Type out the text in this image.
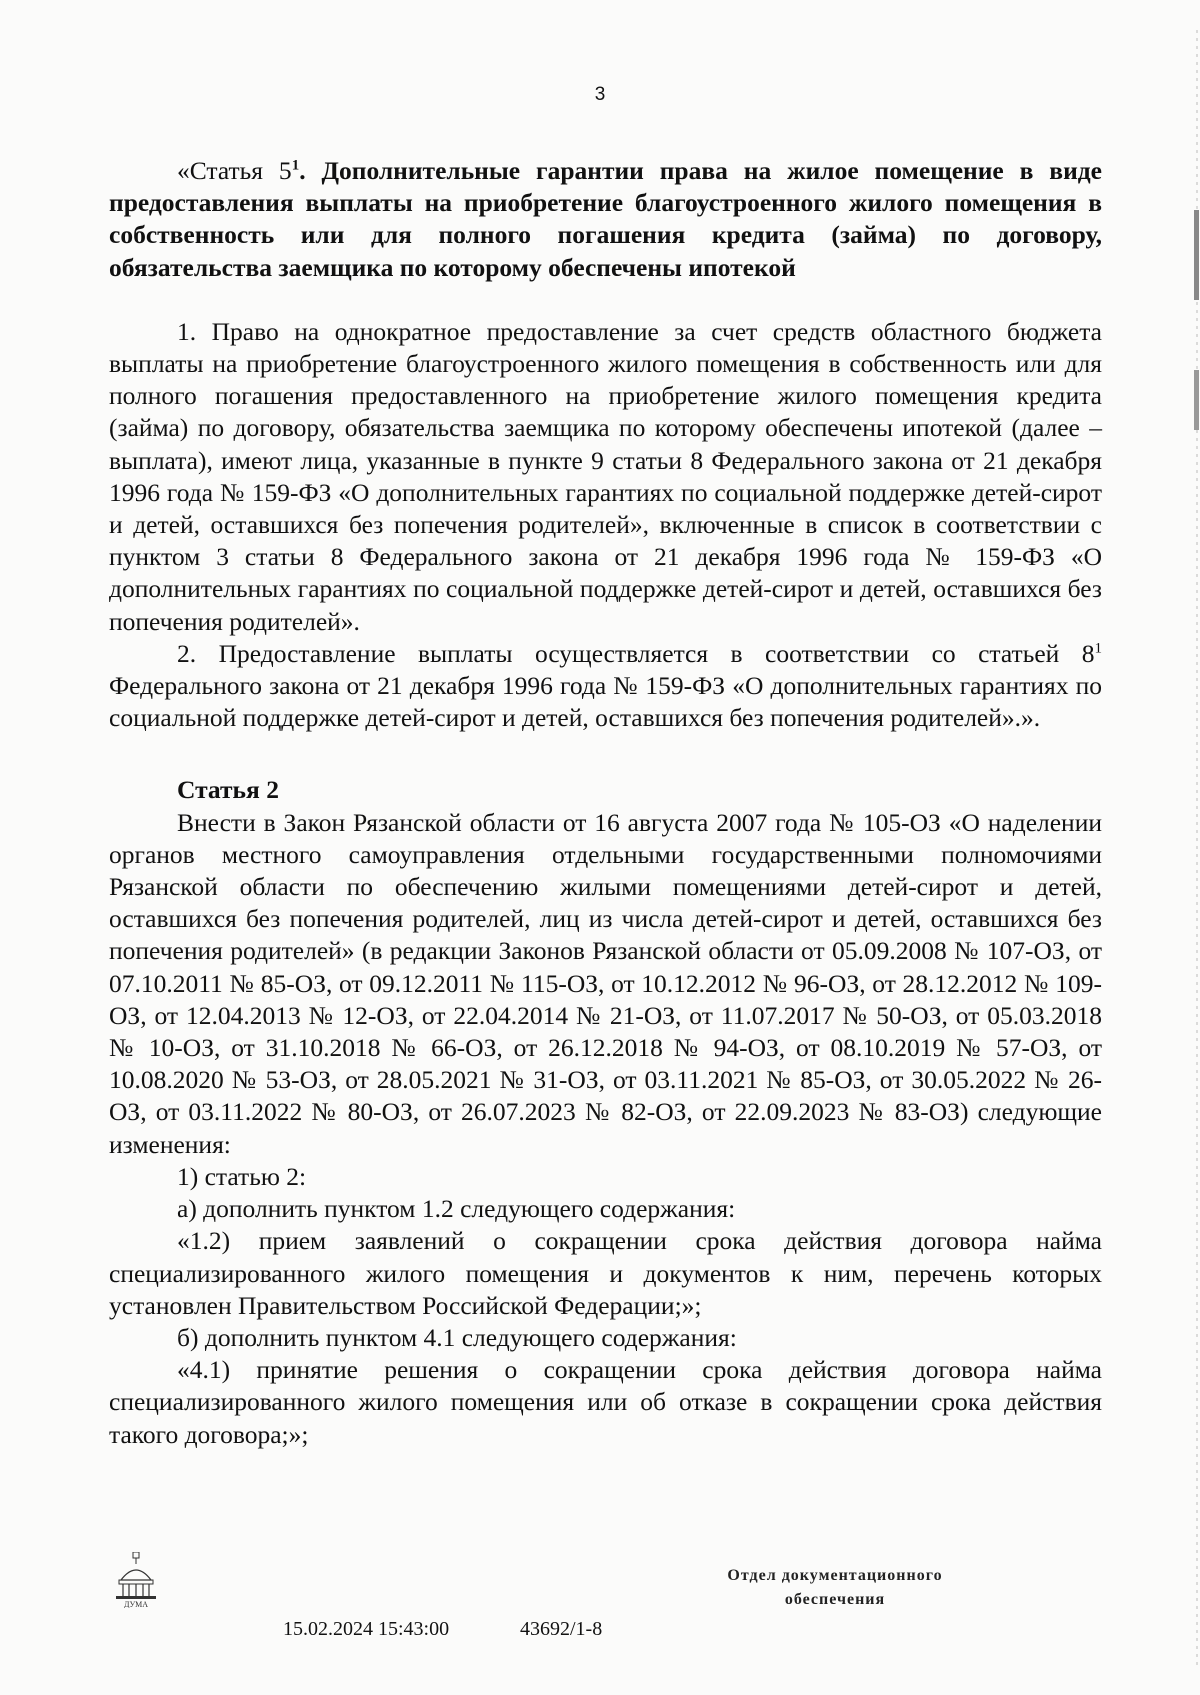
3

«Статья $5^1$. Дополнительные гарантии права на жилое помещение в виде предоставления выплаты на приобретение благоустроенного жилого помещения в собственность или для полного погашения кредита (займа) по договору, обязательства заемщика по которому обеспечены ипотекой

1. Право на однократное предоставление за счет средств областного бюджета выплаты на приобретение благоустроенного жилого помещения в собственность или для полного погашения предоставленного на приобретение жилого помещения кредита (займа) по договору, обязательства заемщика по которому обеспечены ипотекой (далее – выплата), имеют лица, указанные в пункте 9 статьи 8 Федерального закона от 21 декабря 1996 года № 159-ФЗ «О дополнительных гарантиях по социальной поддержке детей-сирот и детей, оставшихся без попечения родителей», включенные в список в соответствии с пунктом 3 статьи 8 Федерального закона от 21 декабря 1996 года № 159-ФЗ «О дополнительных гарантиях по социальной поддержке детей-сирот и детей, оставшихся без попечения родителей».

2. Предоставление выплаты осуществляется в соответствии со статьей $8^1$ Федерального закона от 21 декабря 1996 года № 159-ФЗ «О дополнительных гарантиях по социальной поддержке детей-сирот и детей, оставшихся без попечения родителей».».

Статья 2

Внести в Закон Рязанской области от 16 августа 2007 года № 105-ОЗ «О наделении органов местного самоуправления отдельными государственными полномочиями Рязанской области по обеспечению жилыми помещениями детей-сирот и детей, оставшихся без попечения родителей, лиц из числа детей-сирот и детей, оставшихся без попечения родителей» (в редакции Законов Рязанской области от 05.09.2008 № 107-ОЗ, от 07.10.2011 № 85-ОЗ, от 09.12.2011 № 115-ОЗ, от 10.12.2012 № 96-ОЗ, от 28.12.2012 № 109-ОЗ, от 12.04.2013 № 12-ОЗ, от 22.04.2014 № 21-ОЗ, от 11.07.2017 № 50-ОЗ, от 05.03.2018 № 10-ОЗ, от 31.10.2018 № 66-ОЗ, от 26.12.2018 № 94-ОЗ, от 08.10.2019 № 57-ОЗ, от 10.08.2020 № 53-ОЗ, от 28.05.2021 № 31-ОЗ, от 03.11.2021 № 85-ОЗ, от 30.05.2022 № 26-ОЗ, от 03.11.2022 № 80-ОЗ, от 26.07.2023 № 82-ОЗ, от 22.09.2023 № 83-ОЗ) следующие изменения:

1) статью 2:

а) дополнить пунктом 1.2 следующего содержания:

«1.2) прием заявлений о сокращении срока действия договора найма специализированного жилого помещения и документов к ним, перечень которых установлен Правительством Российской Федерации;»;

б) дополнить пунктом 4.1 следующего содержания:

«4.1) принятие решения о сокращении срока действия договора найма специализированного жилого помещения или об отказе в сокращении срока действия такого договора;»;

ДУМА
15.02.2024 15:43:00	43692/1-8
Отдел документационного
обеспечения
